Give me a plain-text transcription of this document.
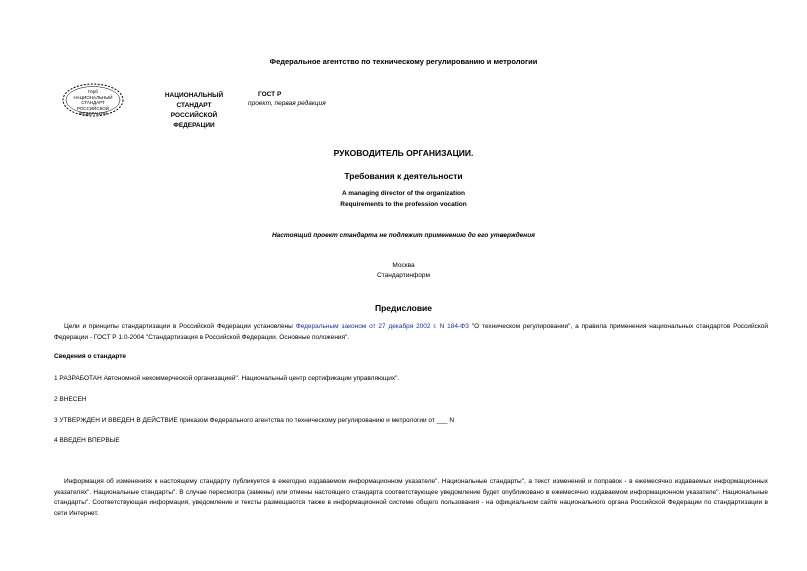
Федеральное агентство по техническому регулированию и метрологии
Герб
НАЦИОНАЛЬНЫЙ
СТАНДАРТ
РОССИЙСКОЙ
ФЕДЕРАЦИИ
НАЦИОНАЛЬНЫЙ
СТАНДАРТ
РОССИЙСКОЙ
ФЕДЕРАЦИИ
ГОСТ Р
проект, первая редакция
РУКОВОДИТЕЛЬ ОРГАНИЗАЦИИ.
Требования к деятельности
A managing director of the organization
Requirements to the profession vocation
Настоящий проект стандарта не подлежит применению до его утверждения
Москва
Стандартинформ
Предисловие
Цели и принципы стандартизации в Российской Федерации установлены Федеральным законом от 27 декабря 2002 г. N 184-ФЗ "О техническом регулировании", а правила применения национальных стандартов Российской Федерации - ГОСТ Р 1.0-2004 "Стандартизация в Российской Федерации. Основные положения".
Сведения о стандарте
1 РАЗРАБОТАН Автономной некоммерческой организацией". Национальный центр сертификации управляющих".
2 ВНЕСЕН
3 УТВЕРЖДЕН И ВВЕДЕН В ДЕЙСТВИЕ приказом Федерального агентства по техническому регулированию и метрологии от ___ N
4 ВВЕДЕН ВПЕРВЫЕ
Информация об изменениях к настоящему стандарту публикуется в ежегодно издаваемом информационном указателе". Национальные стандарты", а текст изменений и поправок - в ежемесячно издаваемых информационных указателях". Национальные стандарты". В случае пересмотра (замены) или отмены настоящего стандарта соответствующее уведомление будет опубликовано в ежемесячно издаваемом информационном указателе". Национальные стандарты". Соответствующая информация, уведомление и тексты размещаются также в информационной системе общего пользования - на официальном сайте национального органа Российской Федерации по стандартизации в сети Интернет.
